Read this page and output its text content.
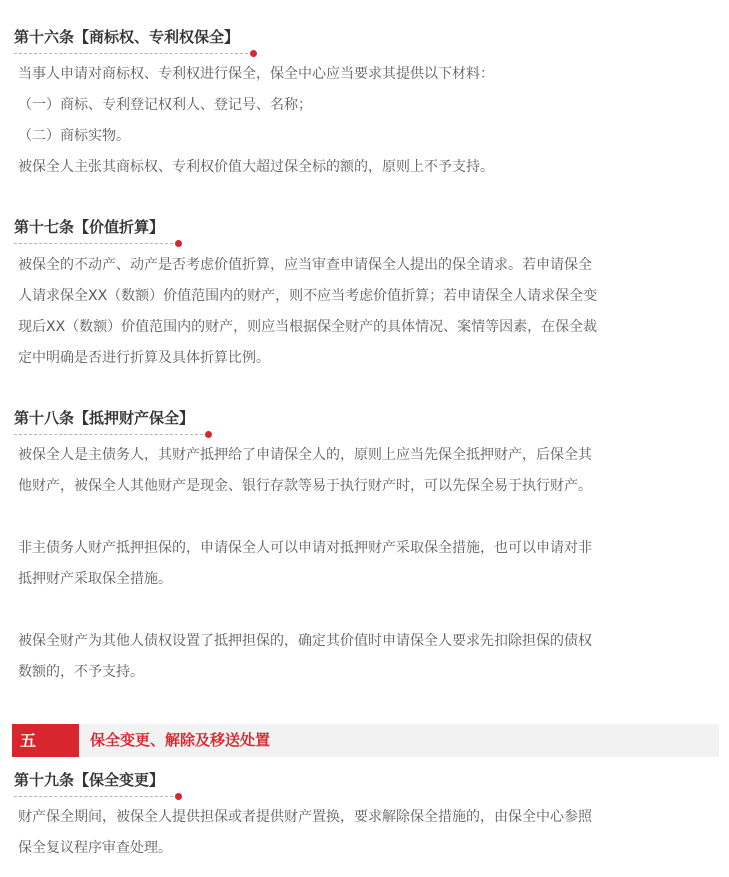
第十六条【商标权、专利权保全】

当事人申请对商标权、专利权进行保全，保全中心应当要求其提供以下材料：
（一）商标、专利登记权利人、登记号、名称；
（二）商标实物。
被保全人主张其商标权、专利权价值大超过保全标的额的，原则上不予支持。

第十七条【价值折算】

被保全的不动产、动产是否考虑价值折算，应当审查申请保全人提出的保全请求。若申请保全
人请求保全XX（数额）价值范围内的财产，则不应当考虑价值折算；若申请保全人请求保全变
现后XX（数额）价值范围内的财产，则应当根据保全财产的具体情况、案情等因素，在保全裁
定中明确是否进行折算及具体折算比例。

第十八条【抵押财产保全】

被保全人是主债务人，其财产抵押给了申请保全人的，原则上应当先保全抵押财产，后保全其
他财产，被保全人其他财产是现金、银行存款等易于执行财产时，可以先保全易于执行财产。

非主债务人财产抵押担保的，申请保全人可以申请对抵押财产采取保全措施，也可以申请对非
抵押财产采取保全措施。

被保全财产为其他人债权设置了抵押担保的，确定其价值时申请保全人要求先扣除担保的债权
数额的，不予支持。

五	保全变更、解除及移送处置
第十九条【保全变更】

财产保全期间，被保全人提供担保或者提供财产置换，要求解除保全措施的，由保全中心参照
保全复议程序审查处理。
